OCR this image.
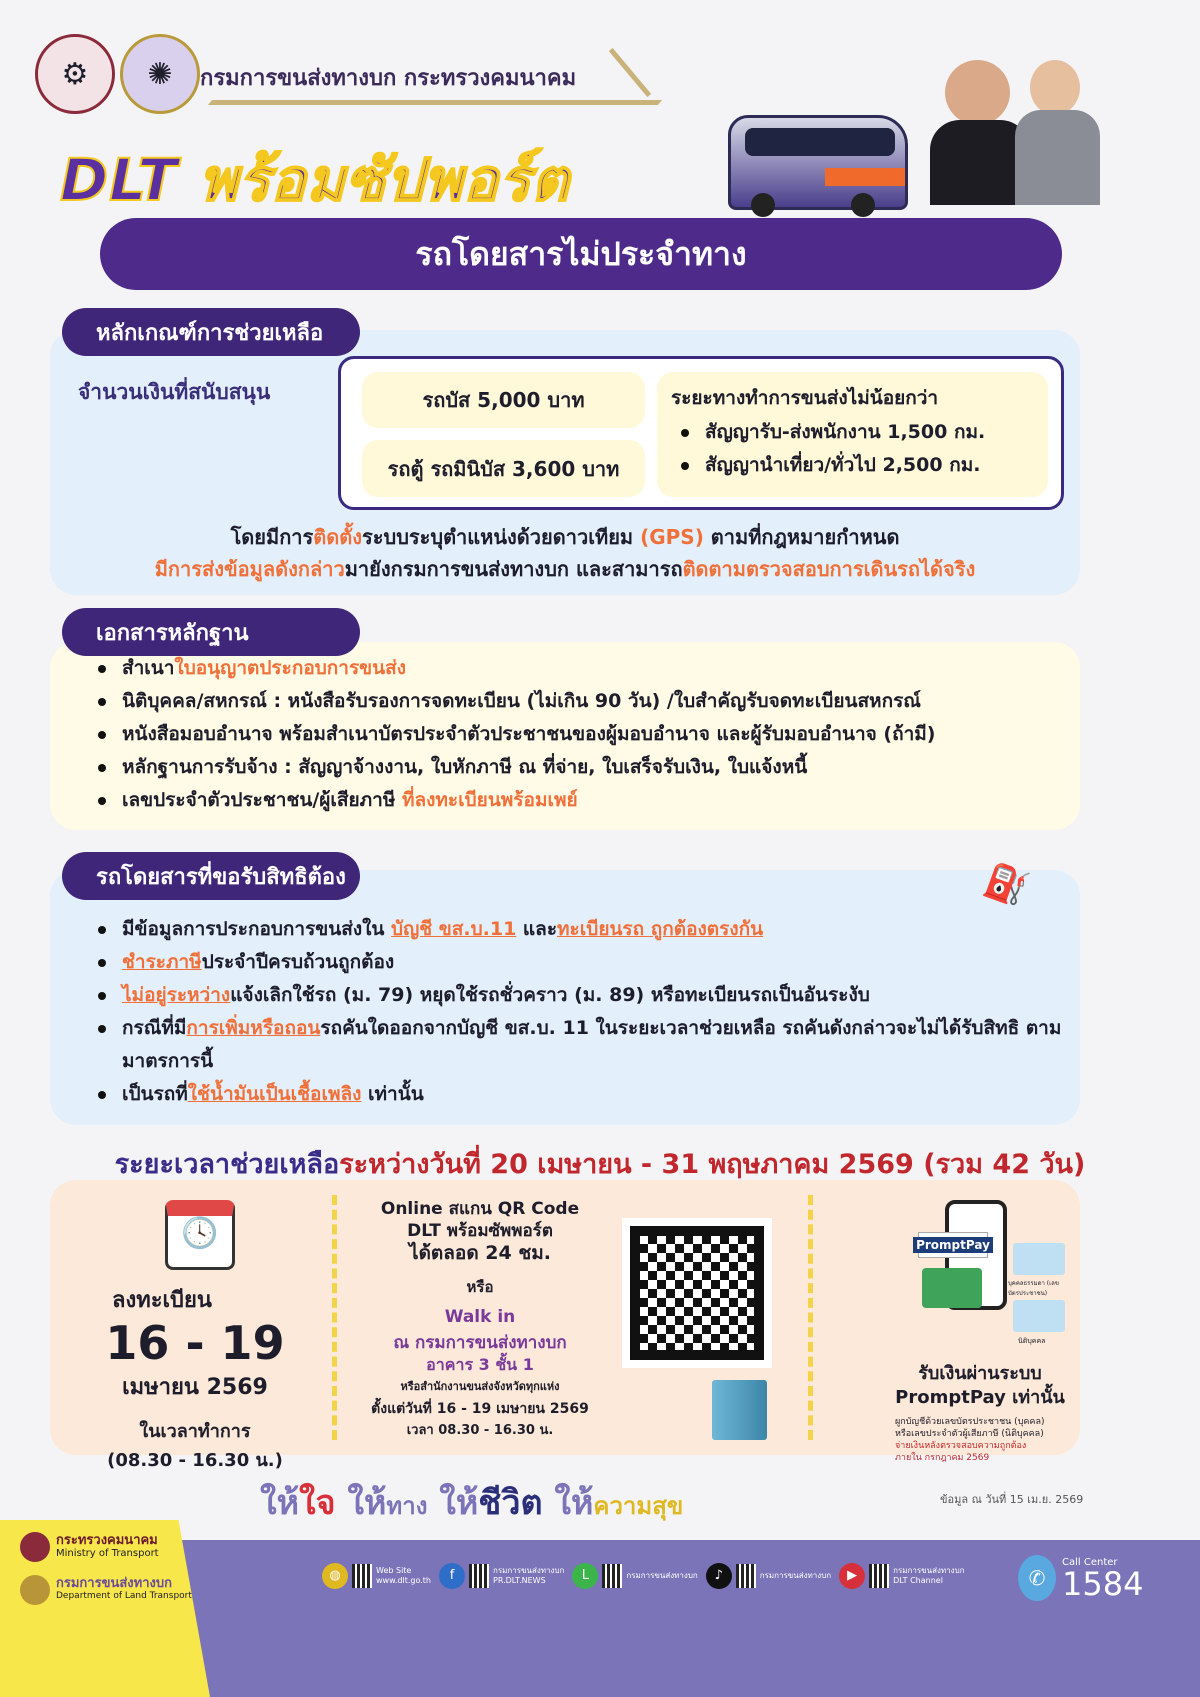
⚙	✺	กรมการขนส่งทางบก กระทรวงคมนาคม
รถโดยสารไม่ประจำทาง
DLT พร้อมซัปพอร์ต
หลักเกณฑ์การช่วยเหลือ
จำนวนเงินที่สนับสนุน	รถบัส 5,000 บาท
รถตู้ รถมินิบัส 3,600 บาท
ระยะทางทำการขนส่งไม่น้อยกว่า
สัญญารับ-ส่งพนักงาน 1,500 กม.
สัญญานำเที่ยว/ทั่วไป 2,500 กม.
โดยมีการติดตั้งระบบระบุตำแหน่งด้วยดาวเทียม (GPS) ตามที่กฎหมายกำหนด
มีการส่งข้อมูลดังกล่าวมายังกรมการขนส่งทางบก และสามารถติดตามตรวจสอบการเดินรถได้จริง
เอกสารหลักฐาน
สำเนาใบอนุญาตประกอบการขนส่ง
นิติบุคคล/สหกรณ์ : หนังสือรับรองการจดทะเบียน (ไม่เกิน 90 วัน) /ใบสำคัญรับจดทะเบียนสหกรณ์
หนังสือมอบอำนาจ พร้อมสำเนาบัตรประจำตัวประชาชนของผู้มอบอำนาจ และผู้รับมอบอำนาจ (ถ้ามี)
หลักฐานการรับจ้าง : สัญญาจ้างงาน, ใบหักภาษี ณ ที่จ่าย, ใบเสร็จรับเงิน, ใบแจ้งหนี้
เลขประจำตัวประชาชน/ผู้เสียภาษี ที่ลงทะเบียนพร้อมเพย์
รถโดยสารที่ขอรับสิทธิต้อง	⛽
มีข้อมูลการประกอบการขนส่งใน บัญชี ขส.บ.11 และทะเบียนรถ ถูกต้องตรงกัน
ชำระภาษีประจำปีครบถ้วนถูกต้อง
ไม่อยู่ระหว่างแจ้งเลิกใช้รถ (ม. 79) หยุดใช้รถชั่วคราว (ม. 89) หรือทะเบียนรถเป็นอันระงับ
กรณีที่มีการเพิ่มหรือถอนรถคันใดออกจากบัญชี ขส.บ. 11 ในระยะเวลาช่วยเหลือ รถคันดังกล่าวจะไม่ได้รับสิทธิ ตามมาตรการนี้
เป็นรถที่ใช้น้ำมันเป็นเชื้อเพลิง เท่านั้น
ระยะเวลาช่วยเหลือระหว่างวันที่ 20 เมษายน - 31 พฤษภาคม 2569 (รวม 42 วัน)
🕓
ลงทะเบียน
16 - 19
เมษายน 2569
ในเวลาทำการ
(08.30 - 16.30 น.)
Online สแกน QR Code
DLT พร้อมซัพพอร์ต
ได้ตลอด 24 ชม.
หรือ
Walk in
ณ กรมการขนส่งทางบก
อาคาร 3 ชั้น 1
หรือสำนักงานขนส่งจังหวัดทุกแห่ง
ตั้งแต่วันที่ 16 - 19 เมษายน 2569
เวลา 08.30 - 16.30 น.
PromptPay
บุคคลธรรมดา (เลขบัตรประชาชน)
นิติบุคคล
รับเงินผ่านระบบ
PromptPay เท่านั้น
ผูกบัญชีด้วยเลขบัตรประชาชน (บุคคล)
หรือเลขประจำตัวผู้เสียภาษี (นิติบุคคล)
จ่ายเงินหลังตรวจสอบความถูกต้อง
ภายใน กรกฎาคม 2569
ให้ใจ ให้ทาง ให้ชีวิต ให้ความสุข	ข้อมูล ณ วันที่ 15 เม.ย. 2569
กระทรวงคมนาคม
Ministry of Transport
กรมการขนส่งทางบก
Department of Land Transport
◍	Web Site
www.dlt.go.th	f	กรมการขนส่งทางบก
PR.DLT.NEWS	L	กรมการขนส่งทางบก	♪	กรมการขนส่งทางบก	▶	กรมการขนส่งทางบก
DLT Channel	✆
Call Center
1584
